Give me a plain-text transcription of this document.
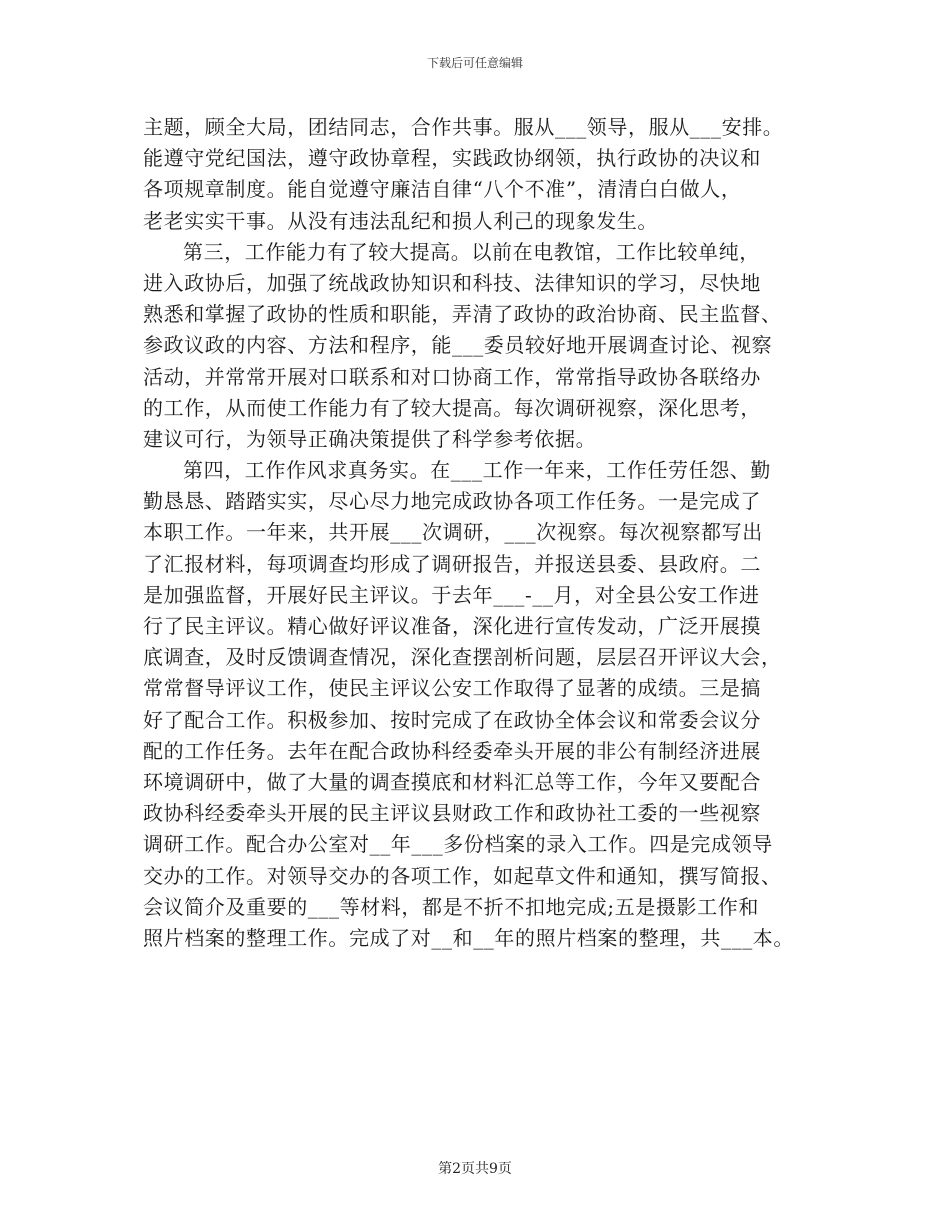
下载后可任意编辑
主题，顾全大局，团结同志，合作共事。服从___领导，服从___安排。
能遵守党纪国法，遵守政协章程，实践政协纲领，执行政协的决议和
各项规章制度。能自觉遵守廉洁自律“八个不准”，清清白白做人，
老老实实干事。从没有违法乱纪和损人利己的现象发生。
第三，工作能力有了较大提高。以前在电教馆，工作比较单纯，
进入政协后，加强了统战政协知识和科技、法律知识的学习，尽快地
熟悉和掌握了政协的性质和职能，弄清了政协的政治协商、民主监督、
参政议政的内容、方法和程序，能___委员较好地开展调查讨论、视察
活动，并常常开展对口联系和对口协商工作，常常指导政协各联络办
的工作，从而使工作能力有了较大提高。每次调研视察，深化思考，
建议可行，为领导正确决策提供了科学参考依据。
第四，工作作风求真务实。在___工作一年来，工作任劳任怨、勤
勤恳恳、踏踏实实，尽心尽力地完成政协各项工作任务。一是完成了
本职工作。一年来，共开展___次调研，___次视察。每次视察都写出
了汇报材料，每项调查均形成了调研报告，并报送县委、县政府。二
是加强监督，开展好民主评议。于去年___-__月，对全县公安工作进
行了民主评议。精心做好评议准备，深化进行宣传发动，广泛开展摸
底调查，及时反馈调查情况，深化查摆剖析问题，层层召开评议大会，
常常督导评议工作，使民主评议公安工作取得了显著的成绩。三是搞
好了配合工作。积极参加、按时完成了在政协全体会议和常委会议分
配的工作任务。去年在配合政协科经委牵头开展的非公有制经济进展
环境调研中，做了大量的调查摸底和材料汇总等工作，今年又要配合
政协科经委牵头开展的民主评议县财政工作和政协社工委的一些视察
调研工作。配合办公室对__年___多份档案的录入工作。四是完成领导
交办的工作。对领导交办的各项工作，如起草文件和通知，撰写简报、
会议简介及重要的___等材料，都是不折不扣地完成;五是摄影工作和
照片档案的整理工作。完成了对__和__年的照片档案的整理，共___本。
第2页共9页
